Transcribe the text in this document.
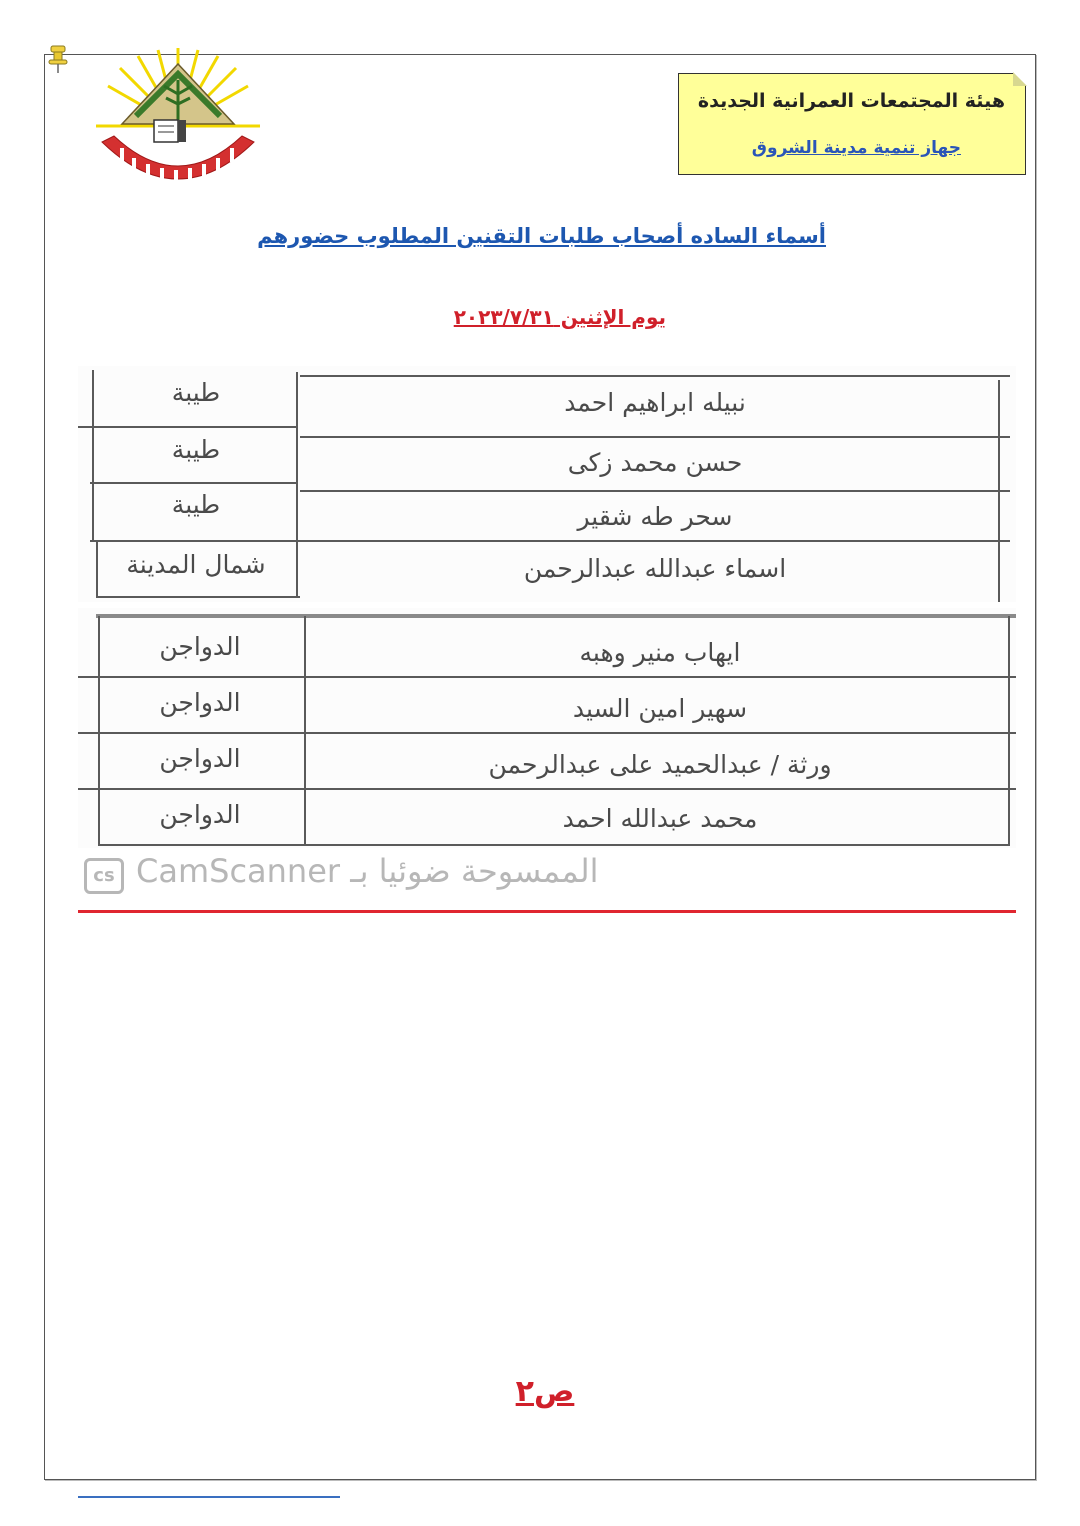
هيئة المجتمعات العمرانية الجديدة
جهاز تنمية مدينة الشروق
أسماء الساده أصحاب طلبات التقنين المطلوب حضورهم
يوم الإثنين ٢٠٢٣/٧/٣١
نبيله ابراهيم احمد
طيبة
حسن محمد زكى
طيبة
سحر طه شقير
طيبة
اسماء عبدالله عبدالرحمن
شمال المدينة
ايهاب منير وهبه
الدواجن
سهير امين السيد
الدواجن
ورثة / عبدالحميد على عبدالرحمن
الدواجن
محمد عبدالله احمد
الدواجن
cs CamScanner الممسوحة ضوئيا بـ
ص٢
